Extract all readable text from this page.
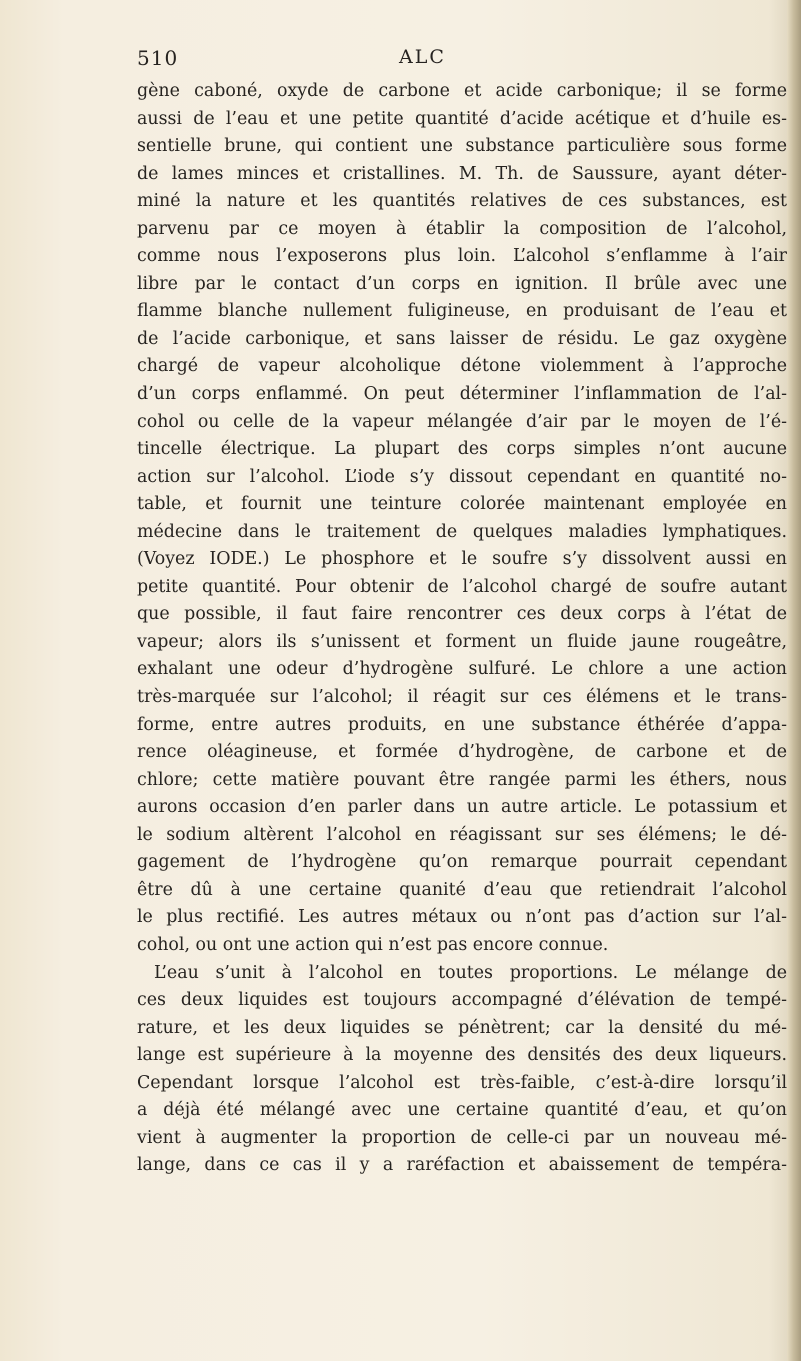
510	ALC
gène caboné, oxyde de carbone et acide carbonique; il se forme
aussi de l’eau et une petite quantité d’acide acétique et d’huile es-
sentielle brune, qui contient une substance particulière sous forme
de lames minces et cristallines. M. Th. de Saussure, ayant déter-
miné la nature et les quantités relatives de ces substances, est
parvenu par ce moyen à établir la composition de l’alcohol,
comme nous l’exposerons plus loin. L’alcohol s’enflamme à l’air
libre par le contact d’un corps en ignition. Il brûle avec une
flamme blanche nullement fuligineuse, en produisant de l’eau et
de l’acide carbonique, et sans laisser de résidu. Le gaz oxygène
chargé de vapeur alcoholique détone violemment à l’approche
d’un corps enflammé. On peut déterminer l’inflammation de l’al-
cohol ou celle de la vapeur mélangée d’air par le moyen de l’é-
tincelle électrique. La plupart des corps simples n’ont aucune
action sur l’alcohol. L’iode s’y dissout cependant en quantité no-
table, et fournit une teinture colorée maintenant employée en
médecine dans le traitement de quelques maladies lymphatiques.
(Voyez IODE.) Le phosphore et le soufre s’y dissolvent aussi en
petite quantité. Pour obtenir de l’alcohol chargé de soufre autant
que possible, il faut faire rencontrer ces deux corps à l’état de
vapeur; alors ils s’unissent et forment un fluide jaune rougeâtre,
exhalant une odeur d’hydrogène sulfuré. Le chlore a une action
très-marquée sur l’alcohol; il réagit sur ces élémens et le trans-
forme, entre autres produits, en une substance éthérée d’appa-
rence oléagineuse, et formée d’hydrogène, de carbone et de
chlore; cette matière pouvant être rangée parmi les éthers, nous
aurons occasion d’en parler dans un autre article. Le potassium et
le sodium altèrent l’alcohol en réagissant sur ses élémens; le dé-
gagement de l’hydrogène qu’on remarque pourrait cependant
être dû à une certaine quanité d’eau que retiendrait l’alcohol
le plus rectifié. Les autres métaux ou n’ont pas d’action sur l’al-
cohol, ou ont une action qui n’est pas encore connue.
L’eau s’unit à l’alcohol en toutes proportions. Le mélange de
ces deux liquides est toujours accompagné d’élévation de tempé-
rature, et les deux liquides se pénètrent; car la densité du mé-
lange est supérieure à la moyenne des densités des deux liqueurs.
Cependant lorsque l’alcohol est très-faible, c’est-à-dire lorsqu’il
a déjà été mélangé avec une certaine quantité d’eau, et qu’on
vient à augmenter la proportion de celle-ci par un nouveau mé-
lange, dans ce cas il y a raréfaction et abaissement de tempéra-
